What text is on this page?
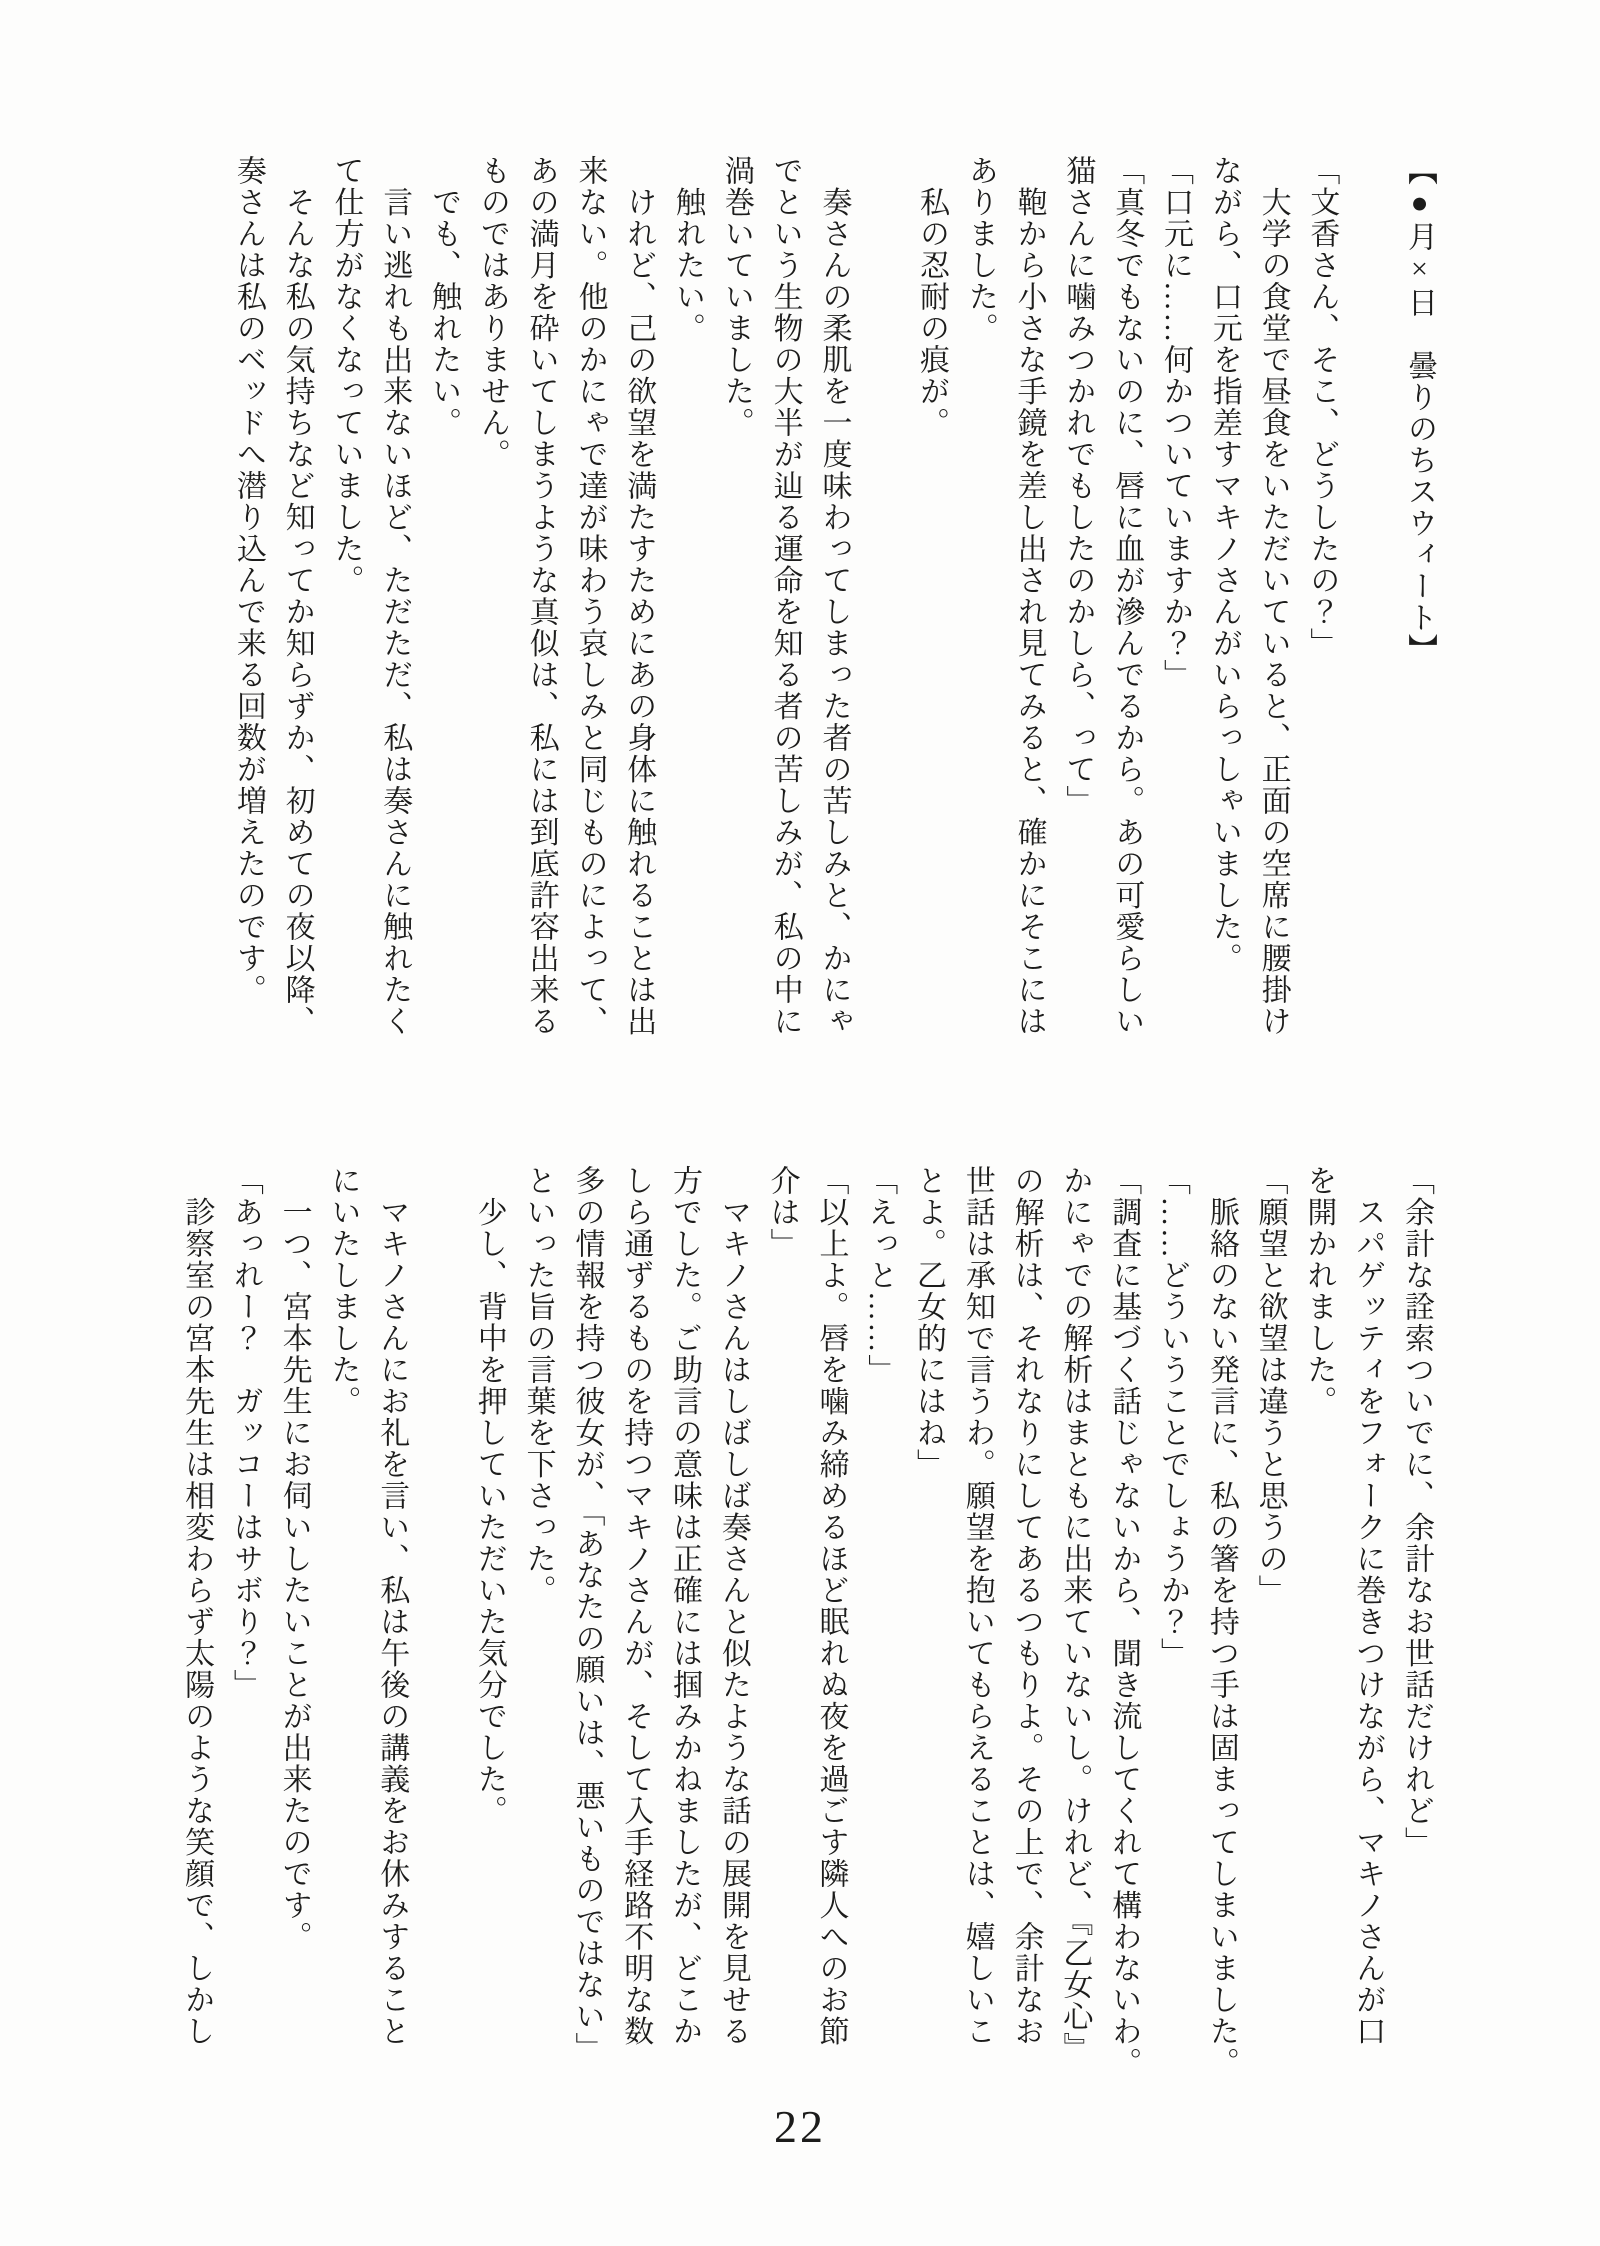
【●月×日　曇りのちスウィート】

「文香さん、そこ、どうしたの？」

　大学の食堂で昼食をいただいていると、正面の空席に腰掛け

ながら、口元を指差すマキノさんがいらっしゃいました。

「口元に……何かついていますか？」

「真冬でもないのに、唇に血が滲んでるから。あの可愛らしい

猫さんに噛みつかれでもしたのかしら、って」

　鞄から小さな手鏡を差し出され見てみると、確かにそこには

ありました。

　私の忍耐の痕が。

　奏さんの柔肌を一度味わってしまった者の苦しみと、かにゃ

でという生物の大半が辿る運命を知る者の苦しみが、私の中に

渦巻いていました。

　触れたい。

　けれど、己の欲望を満たすためにあの身体に触れることは出

来ない。他のかにゃで達が味わう哀しみと同じものによって、

あの満月を砕いてしまうような真似は、私には到底許容出来る

ものではありません。

　でも、触れたい。

　言い逃れも出来ないほど、ただただ、私は奏さんに触れたく

て仕方がなくなっていました。

　そんな私の気持ちなど知ってか知らずか、初めての夜以降、

奏さんは私のベッドへ潜り込んで来る回数が増えたのです。

「余計な詮索ついでに、余計なお世話だけれど」

　スパゲッティをフォークに巻きつけながら、マキノさんが口

を開かれました。

「願望と欲望は違うと思うの」

　脈絡のない発言に、私の箸を持つ手は固まってしまいました。

「……どういうことでしょうか？」

「調査に基づく話じゃないから、聞き流してくれて構わないわ。

かにゃでの解析はまともに出来ていないし。けれど、『乙女心』

の解析は、それなりにしてあるつもりよ。その上で、余計なお

世話は承知で言うわ。願望を抱いてもらえることは、嬉しいこ

とよ。乙女的にはね」

「えっと……」

「以上よ。唇を噛み締めるほど眠れぬ夜を過ごす隣人へのお節

介は」

　マキノさんはしばしば奏さんと似たような話の展開を見せる

方でした。ご助言の意味は正確には掴みかねましたが、どこか

しら通ずるものを持つマキノさんが、そして入手経路不明な数

多の情報を持つ彼女が、「あなたの願いは、悪いものではない」

といった旨の言葉を下さった。

　少し、背中を押していただいた気分でした。

　マキノさんにお礼を言い、私は午後の講義をお休みすること

にいたしました。

　一つ、宮本先生にお伺いしたいことが出来たのです。

「あっれー？　ガッコーはサボり？」

　診察室の宮本先生は相変わらず太陽のような笑顔で、しかし

22
